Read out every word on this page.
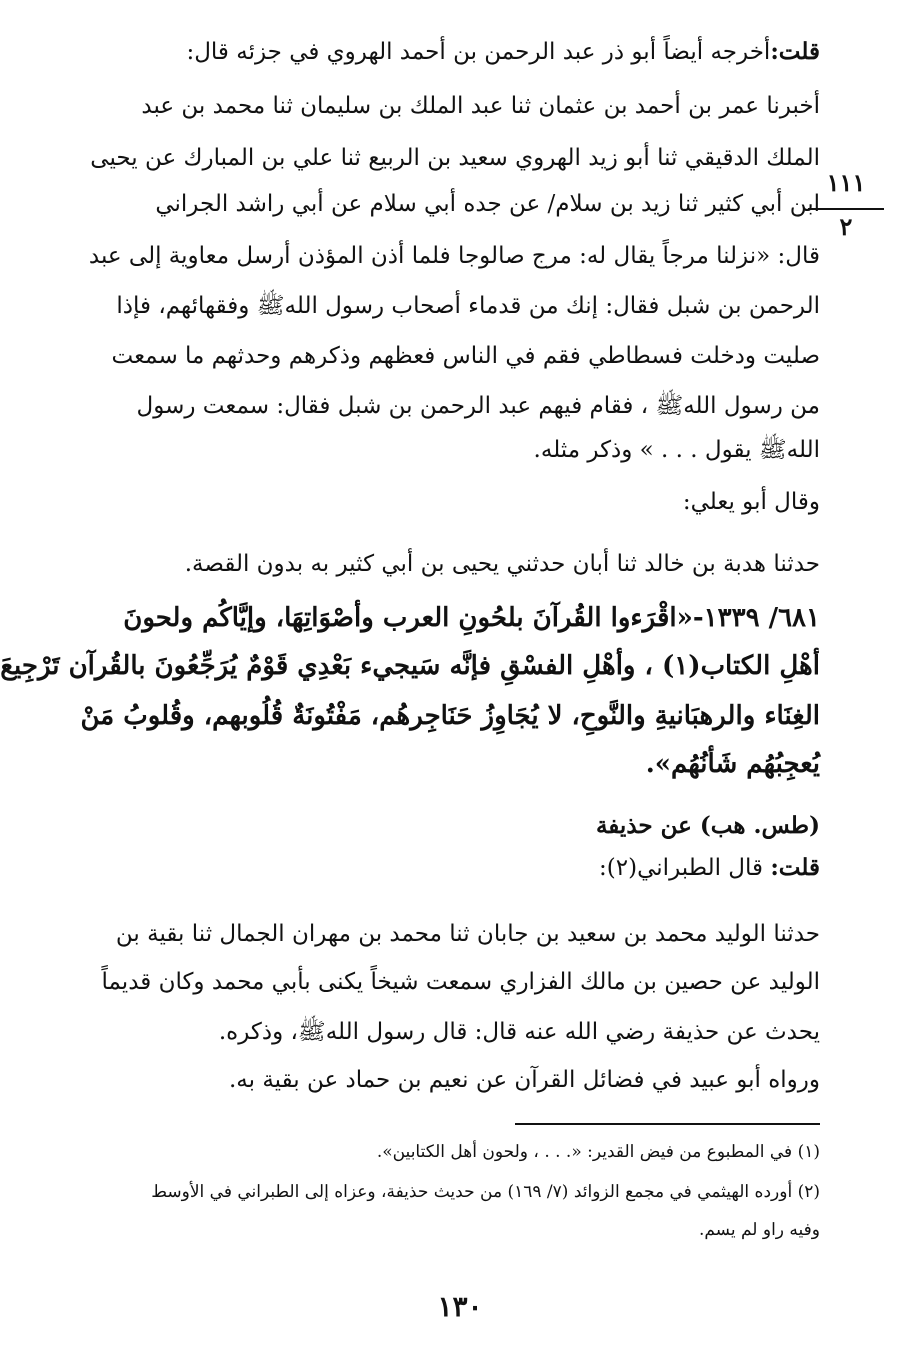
١١١
٢
قلت:أخرجه أيضاً أبو ذر عبد الرحمن بن أحمد الهروي في جزئه قال:
أخبرنا عمر بن أحمد بن عثمان ثنا عبد الملك بن سليمان ثنا محمد بن عبد
الملك الدقيقي ثنا أبو زيد الهروي سعيد بن الربيع ثنا علي بن المبارك عن يحيى
ابن أبي كثير ثنا زيد بن سلام/ عن جده أبي سلام عن أبي راشد الجراني
قال: «نزلنا مرجاً يقال له: مرج صالوجا فلما أذن المؤذن أرسل معاوية إلى عبد
الرحمن بن شبل فقال: إنك من قدماء أصحاب رسول اللهﷺ وفقهائهم، فإذا
صليت ودخلت فسطاطي فقم في الناس فعظهم وذكرهم وحدثهم ما سمعت
من رسول اللهﷺ ، فقام فيهم عبد الرحمن بن شبل فقال: سمعت رسول
اللهﷺ يقول . . . » وذكر مثله.
وقال أبو يعلي:
حدثنا هدبة بن خالد ثنا أبان حدثني يحيى بن أبي كثير به بدون القصة.
٦٨١/ ١٣٣٩-«اقْرَءوا القُرآنَ بلحُونِ العرب وأصْوَاتِهَا، وإيَّاكُم ولحونَ
أهْلِ الكتاب(١) ، وأهْلِ الفسْقِ فإنَّه سَيجيء بَعْدِي قَوْمٌ يُرَجِّعُونَ بالقُرآن تَرْجِيعَ
الغِنَاء والرهبَانيةِ والنَّوحِ، لا يُجَاوِزُ حَنَاجِرهُم، مَفْتُونَةٌ قُلُوبهم، وقُلوبُ مَنْ
يُعجِبُهُم شَأنُهُم».
(طس. هب) عن حذيفة
قلت: قال الطبراني(٢):
حدثنا الوليد محمد بن سعيد بن جابان ثنا محمد بن مهران الجمال ثنا بقية بن
الوليد عن حصين بن مالك الفزاري سمعت شيخاً يكنى بأبي محمد وكان قديماً
يحدث عن حذيفة رضي الله عنه قال: قال رسول اللهﷺ، وذكره.
ورواه أبو عبيد في فضائل القرآن عن نعيم بن حماد عن بقية به.
(١) في المطبوع من فيض القدير: «. . . ، ولحون أهل الكتابين».
(٢) أورده الهيثمي في مجمع الزوائد (٧/ ١٦٩) من حديث حذيفة، وعزاه إلى الطبراني في الأوسط
وفيه راو لم يسم.
١٣٠
